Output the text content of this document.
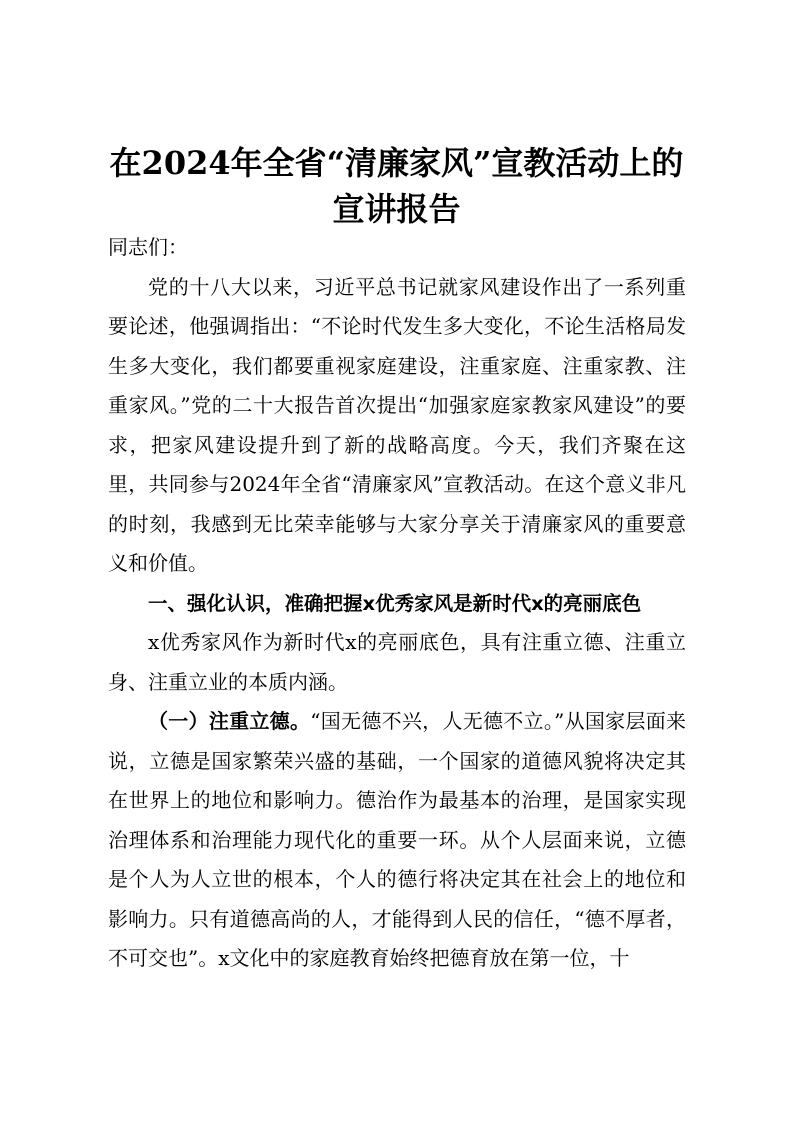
在2024年全省“清廉家风”宣教活动上的宣讲报告

同志们：

党的十八大以来，习近平总书记就家风建设作出了一系列重要论述，他强调指出：“不论时代发生多大变化，不论生活格局发生多大变化，我们都要重视家庭建设，注重家庭、注重家教、注重家风。”党的二十大报告首次提出“加强家庭家教家风建设”的要求，把家风建设提升到了新的战略高度。今天，我们齐聚在这里，共同参与2024年全省“清廉家风”宣教活动。在这个意义非凡的时刻，我感到无比荣幸能够与大家分享关于清廉家风的重要意义和价值。

一、强化认识，准确把握x优秀家风是新时代x的亮丽底色

x优秀家风作为新时代x的亮丽底色，具有注重立德、注重立身、注重立业的本质内涵。

（一）注重立德。“国无德不兴，人无德不立。”从国家层面来说，立德是国家繁荣兴盛的基础，一个国家的道德风貌将决定其在世界上的地位和影响力。德治作为最基本的治理，是国家实现治理体系和治理能力现代化的重要一环。从个人层面来说，立德是个人为人立世的根本，个人的德行将决定其在社会上的地位和影响力。只有道德高尚的人，才能得到人民的信任，“德不厚者，不可交也”。x文化中的家庭教育始终把德育放在第一位，十
